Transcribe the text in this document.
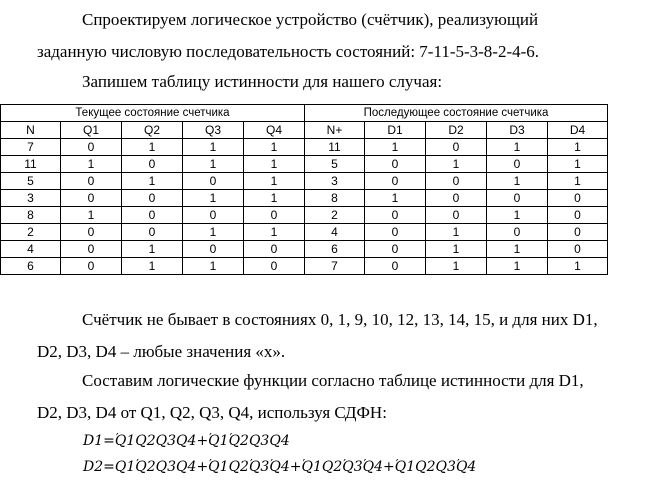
Спроектируем логическое устройство (счётчик), реализующий
заданную числовую последовательность состояний: 7-11-5-3-8-2-4-6.
Запишем таблицу истинности для нашего случая:
Текущее состояние счетчика					Последующее состояние счетчика				
N	Q1	Q2	Q3	Q4	N+	D1	D2	D3	D4
7	0	1	1	1	11	1	0	1	1
11	1	0	1	1	5	0	1	0	1
5	0	1	0	1	3	0	0	1	1
3	0	0	1	1	8	1	0	0	0
8	1	0	0	0	2	0	0	1	0
2	0	0	1	1	4	0	1	0	0
4	0	1	0	0	6	0	1	1	0
6	0	1	1	0	7	0	1	1	1
Счётчик не бывает в состояниях 0, 1, 9, 10, 12, 13, 14, 15, и для них D1,
D2, D3, D4 – любые значения «х».
Составим логические функции согласно таблице истинности для D1,
D2, D3, D4 от Q1, Q2, Q3, Q4, используя СДФН:
D1=Q1 ′Q2Q3Q4+Q1 ′Q2 ′Q3Q4
D2=Q1Q2 ′Q3Q4+Q1 ′Q2Q3 ′Q4 ′+Q1 ′Q2Q3 ′Q4 ′+Q1 ′Q2Q3Q4 ′
